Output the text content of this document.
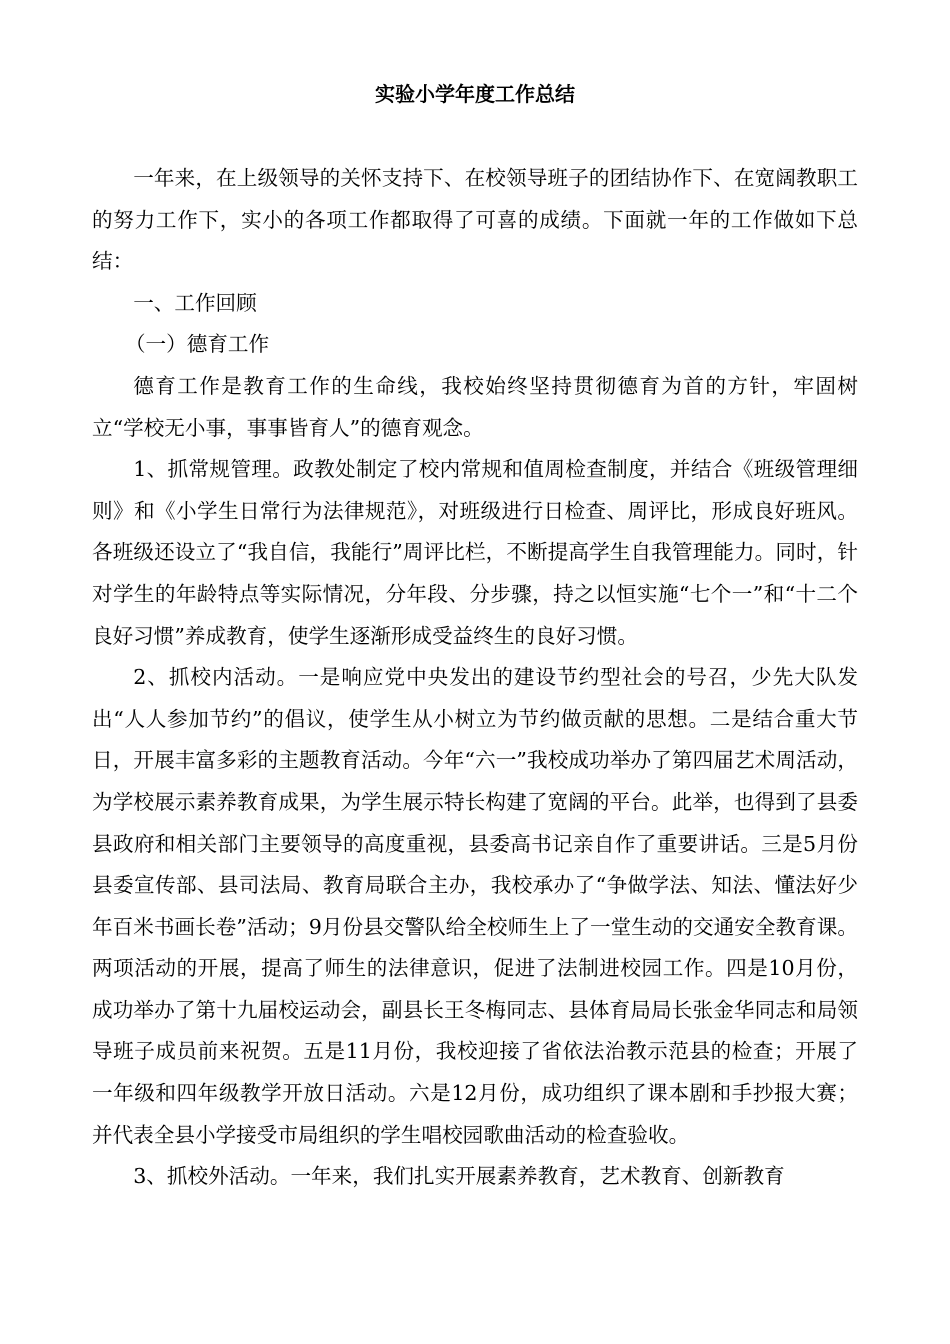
实验小学年度工作总结

一年来，在上级领导的关怀支持下、在校领导班子的团结协作下、在宽阔教职工的努力工作下，实小的各项工作都取得了可喜的成绩。下面就一年的工作做如下总结：

一、工作回顾

（一）德育工作

德育工作是教育工作的生命线，我校始终坚持贯彻德育为首的方针，牢固树立“学校无小事，事事皆育人”的德育观念。

1、抓常规管理。政教处制定了校内常规和值周检查制度，并结合《班级管理细则》和《小学生日常行为法律规范》，对班级进行日检查、周评比，形成良好班风。各班级还设立了“我自信，我能行”周评比栏，不断提高学生自我管理能力。同时，针对学生的年龄特点等实际情况，分年段、分步骤，持之以恒实施“七个一”和“十二个良好习惯”养成教育，使学生逐渐形成受益终生的良好习惯。

2、抓校内活动。一是响应党中央发出的建设节约型社会的号召，少先大队发出“人人参加节约”的倡议，使学生从小树立为节约做贡献的思想。二是结合重大节日，开展丰富多彩的主题教育活动。今年“六一”我校成功举办了第四届艺术周活动，为学校展示素养教育成果，为学生展示特长构建了宽阔的平台。此举，也得到了县委县政府和相关部门主要领导的高度重视，县委高书记亲自作了重要讲话。三是5月份县委宣传部、县司法局、教育局联合主办，我校承办了“争做学法、知法、懂法好少年百米书画长卷”活动；9月份县交警队给全校师生上了一堂生动的交通安全教育课。两项活动的开展，提高了师生的法律意识，促进了法制进校园工作。四是10月份，成功举办了第十九届校运动会，副县长王冬梅同志、县体育局局长张金华同志和局领导班子成员前来祝贺。五是11月份，我校迎接了省依法治教示范县的检查；开展了一年级和四年级教学开放日活动。六是12月份，成功组织了课本剧和手抄报大赛；并代表全县小学接受市局组织的学生唱校园歌曲活动的检查验收。

3、抓校外活动。一年来，我们扎实开展素养教育，艺术教育、创新教育
